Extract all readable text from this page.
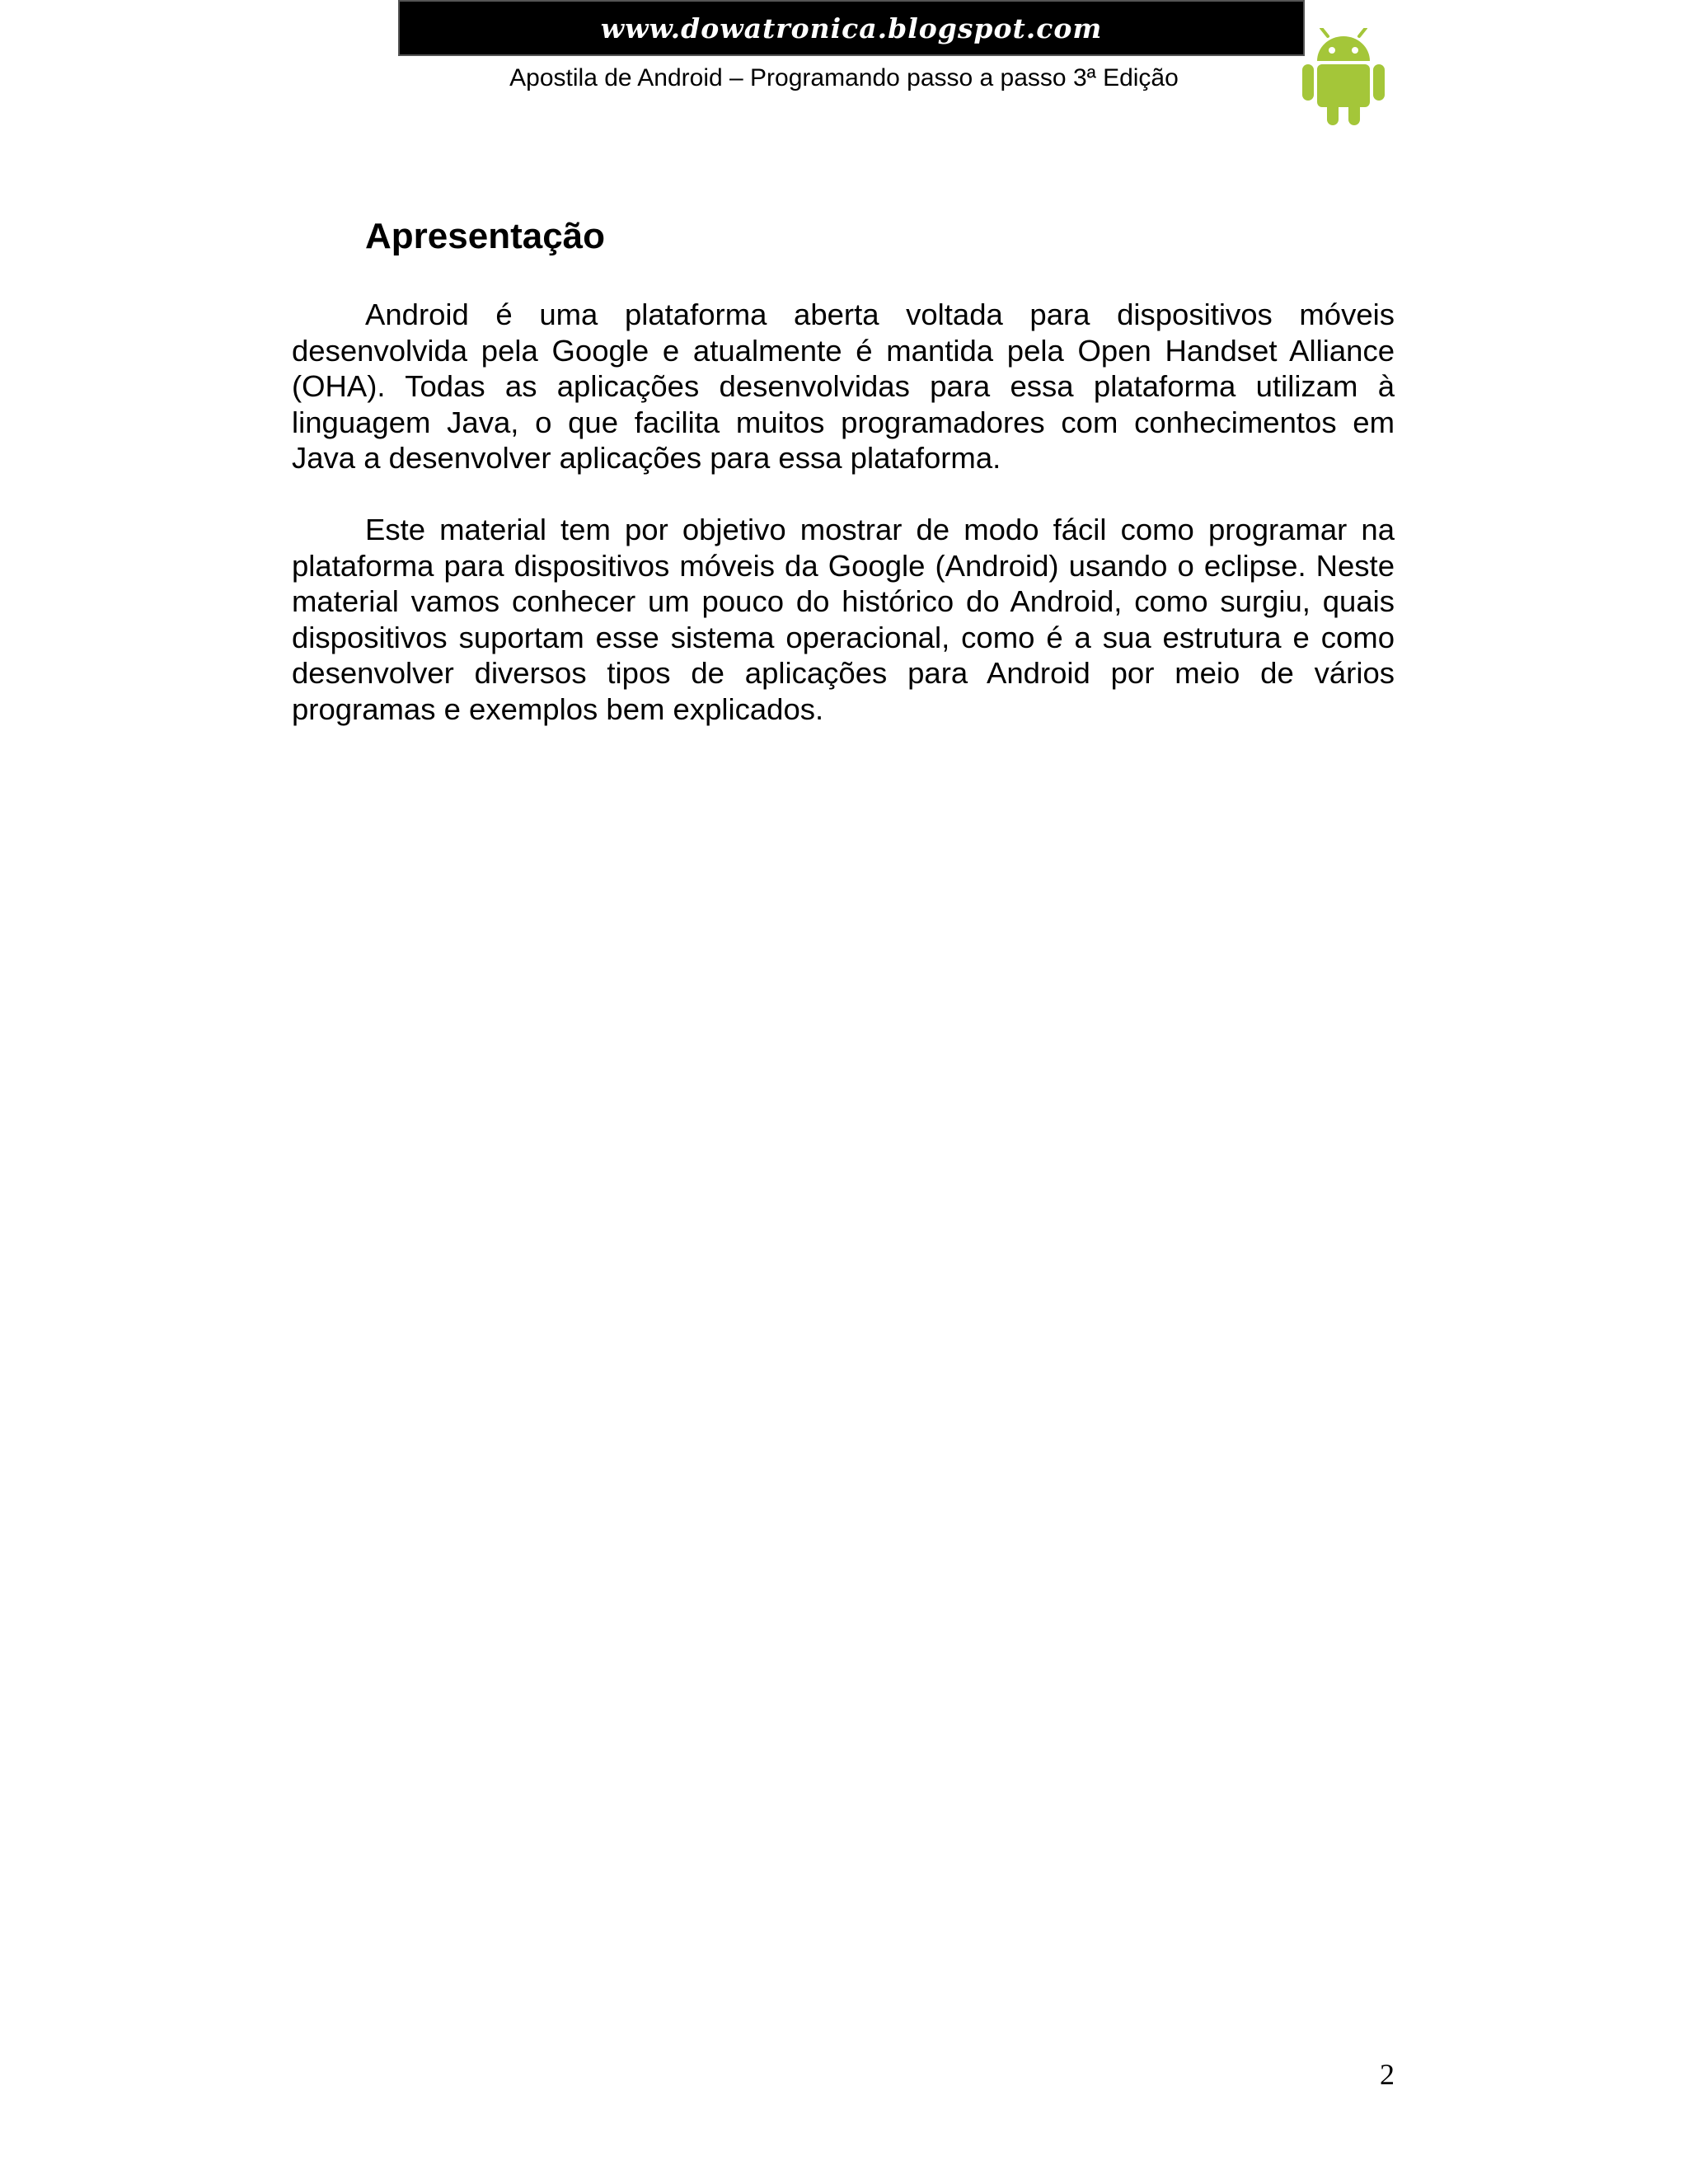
www.dowatronica.blogspot.com
Apostila de Android – Programando passo a passo 3ª Edição
Apresentação

Android é uma plataforma aberta voltada para dispositivos móveis desenvolvida pela Google e atualmente é mantida pela Open Handset Alliance (OHA). Todas as aplicações desenvolvidas para essa plataforma utilizam à linguagem Java, o que facilita muitos programadores com conhecimentos em Java a desenvolver aplicações para essa plataforma.

Este material tem por objetivo mostrar de modo fácil como programar na plataforma para dispositivos móveis da Google (Android) usando o eclipse. Neste material vamos conhecer um pouco do histórico do Android, como surgiu, quais dispositivos suportam esse sistema operacional, como é a sua estrutura e como desenvolver diversos tipos de aplicações para Android por meio de vários programas e exemplos bem explicados.

2
